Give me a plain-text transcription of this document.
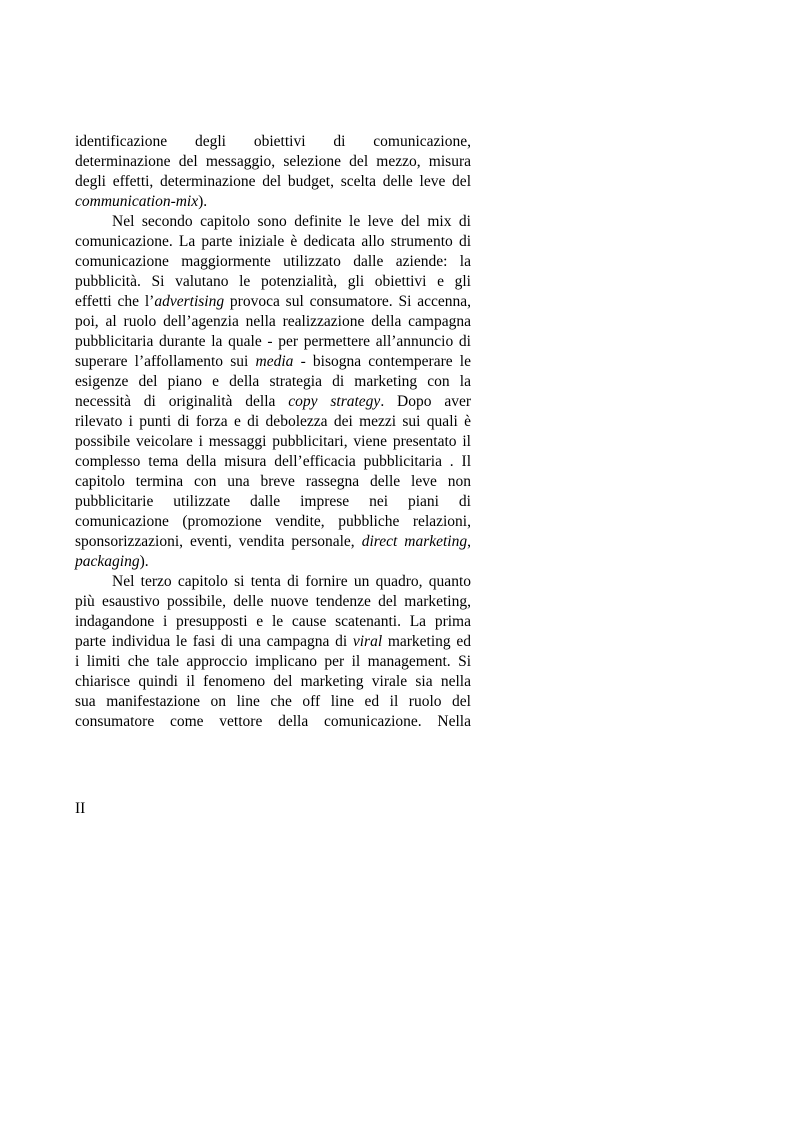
identificazione degli obiettivi di comunicazione,
determinazione del messaggio, selezione del mezzo, misura
degli effetti, determinazione del budget, scelta delle leve del
communication-mix).
Nel secondo capitolo sono definite le leve del mix di
comunicazione. La parte iniziale è dedicata allo strumento di
comunicazione maggiormente utilizzato dalle aziende: la
pubblicità. Si valutano le potenzialità, gli obiettivi e gli
effetti che l’advertising provoca sul consumatore. Si accenna,
poi, al ruolo dell’agenzia nella realizzazione della campagna
pubblicitaria durante la quale - per permettere all’annuncio di
superare l’affollamento sui media - bisogna contemperare le
esigenze del piano e della strategia di marketing con la
necessità di originalità della copy strategy. Dopo aver
rilevato i punti di forza e di debolezza dei mezzi sui quali è
possibile veicolare i messaggi pubblicitari, viene presentato il
complesso tema della misura dell’efficacia pubblicitaria . Il
capitolo termina con una breve rassegna delle leve non
pubblicitarie utilizzate dalle imprese nei piani di
comunicazione (promozione vendite, pubbliche relazioni,
sponsorizzazioni, eventi, vendita personale, direct marketing,
packaging).
Nel terzo capitolo si tenta di fornire un quadro, quanto
più esaustivo possibile, delle nuove tendenze del marketing,
indagandone i presupposti e le cause scatenanti. La prima
parte individua le fasi di una campagna di viral marketing ed
i limiti che tale approccio implicano per il management. Si
chiarisce quindi il fenomeno del marketing virale sia nella
sua manifestazione on line che off line ed il ruolo del
consumatore come vettore della comunicazione. Nella
II
